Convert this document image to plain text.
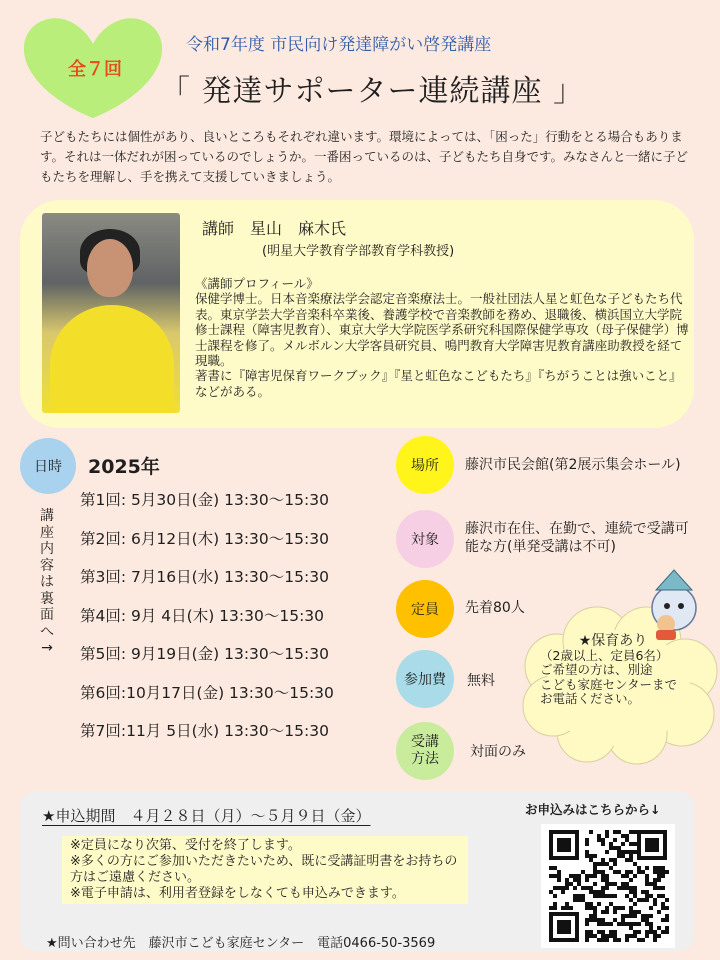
全７回
令和7年度 市民向け発達障がい啓発講座
「 発達サポーター連続講座 」
子どもたちには個性があり、良いところもそれぞれ違います。環境によっては、「困った」行動をとる場合もあります。それは一体だれが困っているのでしょうか。一番困っているのは、子どもたち自身です。みなさんと一緒に子どもたちを理解し、手を携えて支援していきましょう。
講師　星山　麻木氏
(明星大学教育学部教育学科教授)
《講師プロフィール》
保健学博士。日本音楽療法学会認定音楽療法士。一般社団法人星と虹色な子どもたち代表。東京学芸大学音楽科卒業後、養護学校で音楽教師を務め、退職後、横浜国立大学院修士課程（障害児教育）、東京大学大学院医学系研究科国際保健学専攻（母子保健学）博士課程を修了。メルボルン大学客員研究員、鳴門教育大学障害児教育講座助教授を経て現職。
著書に『障害児保育ワークブック』『星と虹色なこどもたち』『ちがうことは強いこと』などがある。
日時
講
座
内
容
は
裏
面
へ
→
2025年
第1回: 5月30日(金) 13:30～15:30
第2回: 6月12日(木) 13:30～15:30
第3回: 7月16日(水) 13:30～15:30
第4回: 9月 4日(木) 13:30～15:30
第5回: 9月19日(金) 13:30～15:30
第6回:10月17日(金) 13:30～15:30
第7回:11月 5日(水) 13:30～15:30
場所	藤沢市民会館(第2展示集会ホール)
対象
藤沢市在住、在勤で、連続で受講可能な方(単発受講は不可)
定員	先着80人
参加費	無料
受講
方法 対面のみ
★保育あり
（2歳以上、定員6名）
ご希望の方は、別途
こども家庭センターまで
お電話ください。
★申込期間　４月２８日（月）～５月９日（金）
※定員になり次第、受付を終了します。
※多くの方にご参加いただきたいため、既に受講証明書をお持ちの方はご遠慮ください。
※電子申請は、利用者登録をしなくても申込みできます。
★問い合わせ先　藤沢市こども家庭センター　電話0466-50-3569
お申込みはこちらから↓
